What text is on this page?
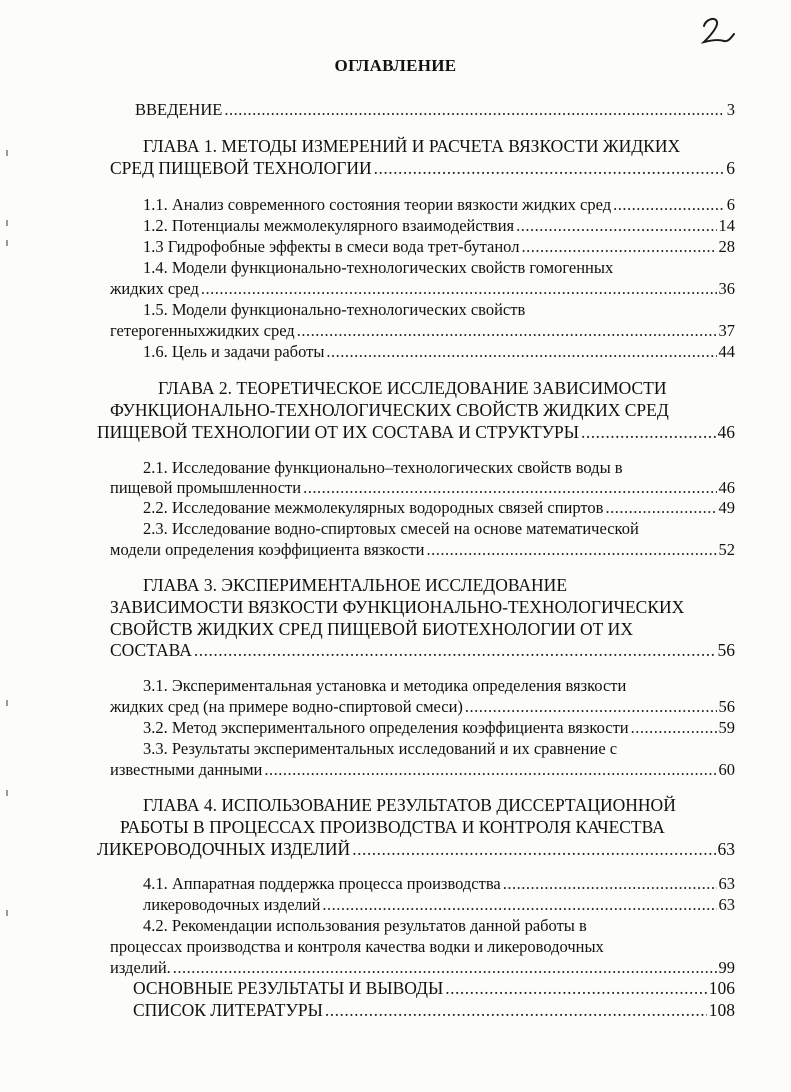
ОГЛАВЛЕНИЕ
ВВЕДЕНИЕ .....	3
ГЛАВА 1. МЕТОДЫ ИЗМЕРЕНИЙ И РАСЧЕТА ВЯЗКОСТИ ЖИДКИХ
СРЕД ПИЩЕВОЙ ТЕХНОЛОГИИ .....	6
1.1. Анализ современного состояния теории вязкости жидких сред .....	6
1.2. Потенциалы межмолекулярного взаимодействия .....	14
1.3 Гидрофобные эффекты в смеси вода трет-бутанол .....	28
1.4. Модели функционально-технологических свойств гомогенных
жидких сред .....	36
1.5. Модели функционально-технологических свойств
гетерогенныхжидких сред .....	37
1.6. Цель и задачи работы .....	44
ГЛАВА 2. ТЕОРЕТИЧЕСКОЕ ИССЛЕДОВАНИЕ ЗАВИСИМОСТИ
ФУНКЦИОНАЛЬНО-ТЕХНОЛОГИЧЕСКИХ СВОЙСТВ ЖИДКИХ СРЕД
ПИЩЕВОЙ ТЕХНОЛОГИИ ОТ ИХ СОСТАВА И СТРУКТУРЫ .....	46
2.1. Исследование функционально–технологических свойств воды в
пищевой промышленности .....	46
2.2. Исследование межмолекулярных водородных связей спиртов .....	49
2.3. Исследование водно-спиртовых смесей на основе математической
модели определения коэффициента вязкости .....	52
ГЛАВА 3. ЭКСПЕРИМЕНТАЛЬНОЕ ИССЛЕДОВАНИЕ
ЗАВИСИМОСТИ ВЯЗКОСТИ ФУНКЦИОНАЛЬНО-ТЕХНОЛОГИЧЕСКИХ
СВОЙСТВ ЖИДКИХ СРЕД ПИЩЕВОЙ БИОТЕХНОЛОГИИ ОТ ИХ
СОСТАВА .....	56
3.1. Экспериментальная установка и методика определения вязкости
жидких сред (на примере водно-спиртовой смеси) .....	56
3.2. Метод экспериментального определения коэффициента вязкости .....	59
3.3. Результаты экспериментальных исследований и их сравнение с
известными данными .....	60
ГЛАВА 4. ИСПОЛЬЗОВАНИЕ РЕЗУЛЬТАТОВ ДИССЕРТАЦИОННОЙ
РАБОТЫ В ПРОЦЕССАХ ПРОИЗВОДСТВА И КОНТРОЛЯ КАЧЕСТВА
ЛИКЕРОВОДОЧНЫХ ИЗДЕЛИЙ .....	63
4.1. Аппаратная поддержка процесса производства .....	63
ликероводочных изделий .....	63
4.2. Рекомендации использования результатов данной работы в
процессах производства и контроля качества водки и ликероводочных
изделий. .....	99
ОСНОВНЫЕ РЕЗУЛЬТАТЫ И ВЫВОДЫ .....	106
СПИСОК ЛИТЕРАТУРЫ .....	108
